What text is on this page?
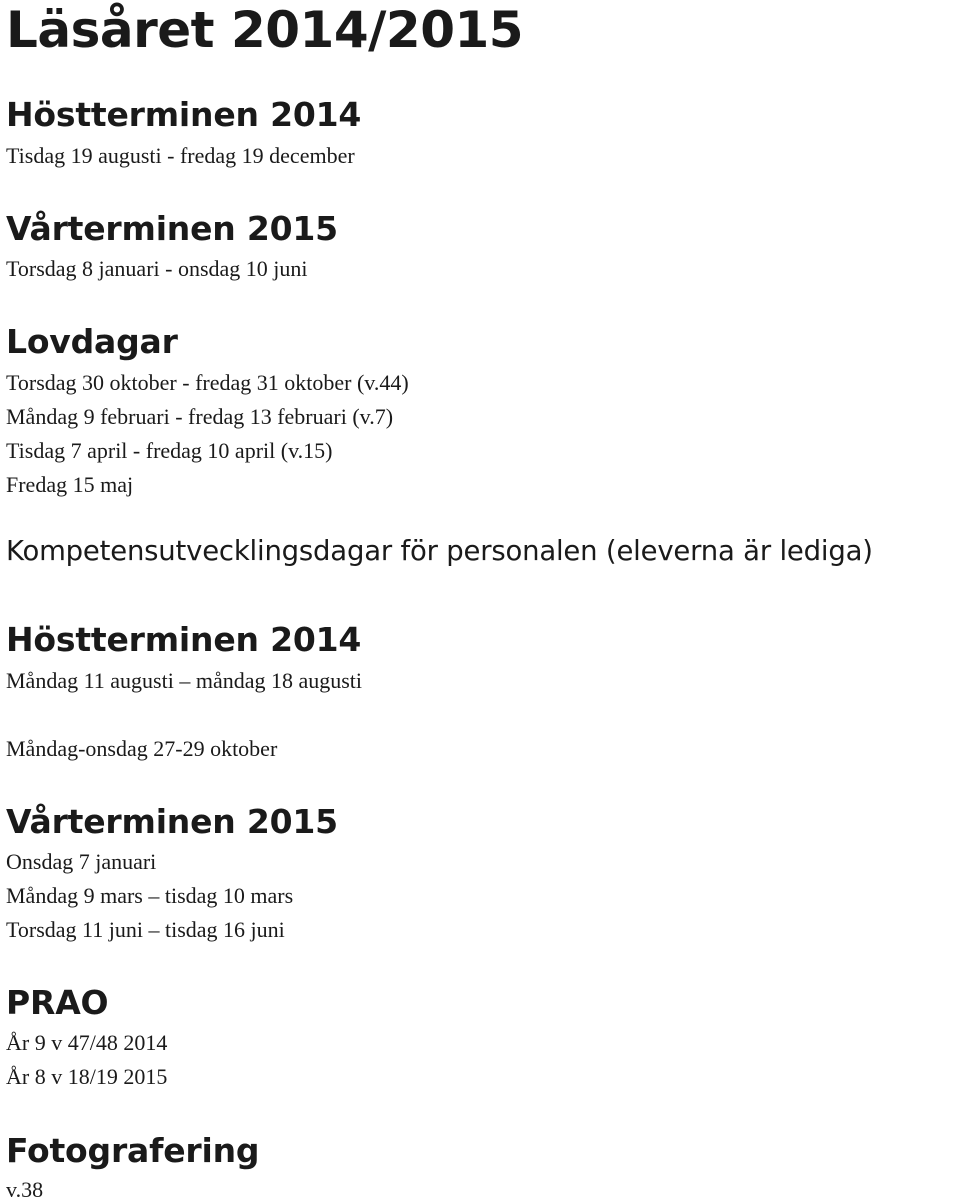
Läsåret 2014/2015
Höstterminen 2014

Tisdag 19 augusti - fredag 19 december

Vårterminen 2015

Torsdag 8 januari - onsdag 10 juni

Lovdagar

Torsdag 30 oktober - fredag 31 oktober (v.44)

Måndag 9 februari - fredag 13 februari (v.7)

Tisdag 7 april - fredag 10 april (v.15)

Fredag 15 maj

Kompetensutvecklingsdagar för personalen (eleverna är lediga)
Höstterminen 2014

Måndag 11 augusti – måndag 18 augusti

Måndag-onsdag 27-29 oktober

Vårterminen 2015

Onsdag 7 januari

Måndag 9 mars – tisdag 10 mars

Torsdag 11 juni – tisdag 16 juni

PRAO

År 9 v 47/48 2014

År 8 v 18/19 2015

Fotografering

v.38
